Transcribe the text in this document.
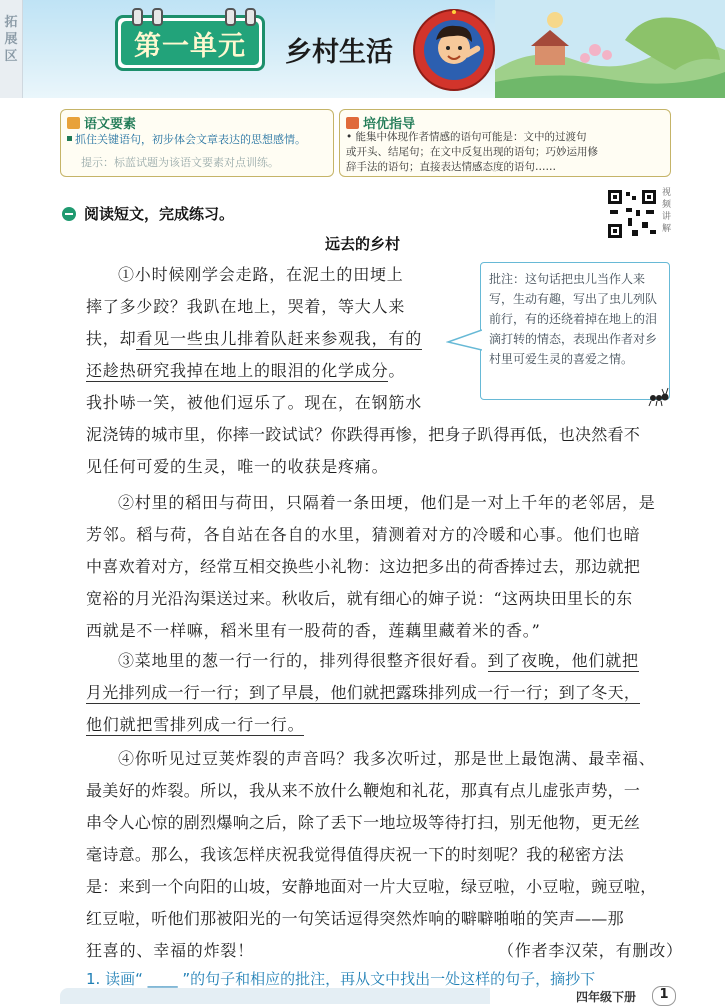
拓展区	第一单元 乡村生活
语文要素
抓住关键语句，初步体会文章表达的思想感情。
提示：标蓝试题为该语文要素对点训练。
培优指导
• 能集中体现作者情感的语句可能是：文中的过渡句
或开头、结尾句；在文中反复出现的语句；巧妙运用修
辞手法的语句；直接表达情感态度的语句……
阅读短文，完成练习。
视频讲解
远去的乡村
①小时候刚学会走路，在泥土的田埂上
摔了多少跤？我趴在地上，哭着，等大人来
扶，却看见一些虫儿排着队赶来参观我，有的
还趁热研究我掉在地上的眼泪的化学成分。
我扑哧一笑，被他们逗乐了。现在，在钢筋水
泥浇铸的城市里，你摔一跤试试？你跌得再惨，把身子趴得再低，也决然看不
见任何可爱的生灵，唯一的收获是疼痛。
批注：这句话把虫儿当作人来写，生动有趣，写出了虫儿列队前行，有的还绕着掉在地上的泪滴打转的情态，表现出作者对乡村里可爱生灵的喜爱之情。
②村里的稻田与荷田，只隔着一条田埂，他们是一对上千年的老邻居，是
芳邻。稻与荷，各自站在各自的水里，猜测着对方的冷暖和心事。他们也暗
中喜欢着对方，经常互相交换些小礼物：这边把多出的荷香捧过去，那边就把
宽裕的月光沿沟渠送过来。秋收后，就有细心的婶子说：“这两块田里长的东
西就是不一样嘛，稻米里有一股荷的香，莲藕里藏着米的香。”
③菜地里的葱一行一行的，排列得很整齐很好看。到了夜晚，他们就把
月光排列成一行一行；到了早晨，他们就把露珠排列成一行一行；到了冬天，
他们就把雪排列成一行一行。
④你听见过豆荚炸裂的声音吗？我多次听过，那是世上最饱满、最幸福、
最美好的炸裂。所以，我从来不放什么鞭炮和礼花，那真有点儿虚张声势，一
串令人心惊的剧烈爆响之后，除了丢下一地垃圾等待打扫，别无他物，更无丝
毫诗意。那么，我该怎样庆祝我觉得值得庆祝一下的时刻呢？我的秘密方法
是：来到一个向阳的山坡，安静地面对一片大豆啦，绿豆啦，小豆啦，豌豆啦，
红豆啦，听他们那被阳光的一句笑话逗得突然炸响的噼噼啪啪的笑声——那
狂喜的、幸福的炸裂！	（作者李汉荣，有删改）
1. 读画“ ____ ”的句子和相应的批注，再从文中找出一处这样的句子，摘抄下
四年级下册	1
